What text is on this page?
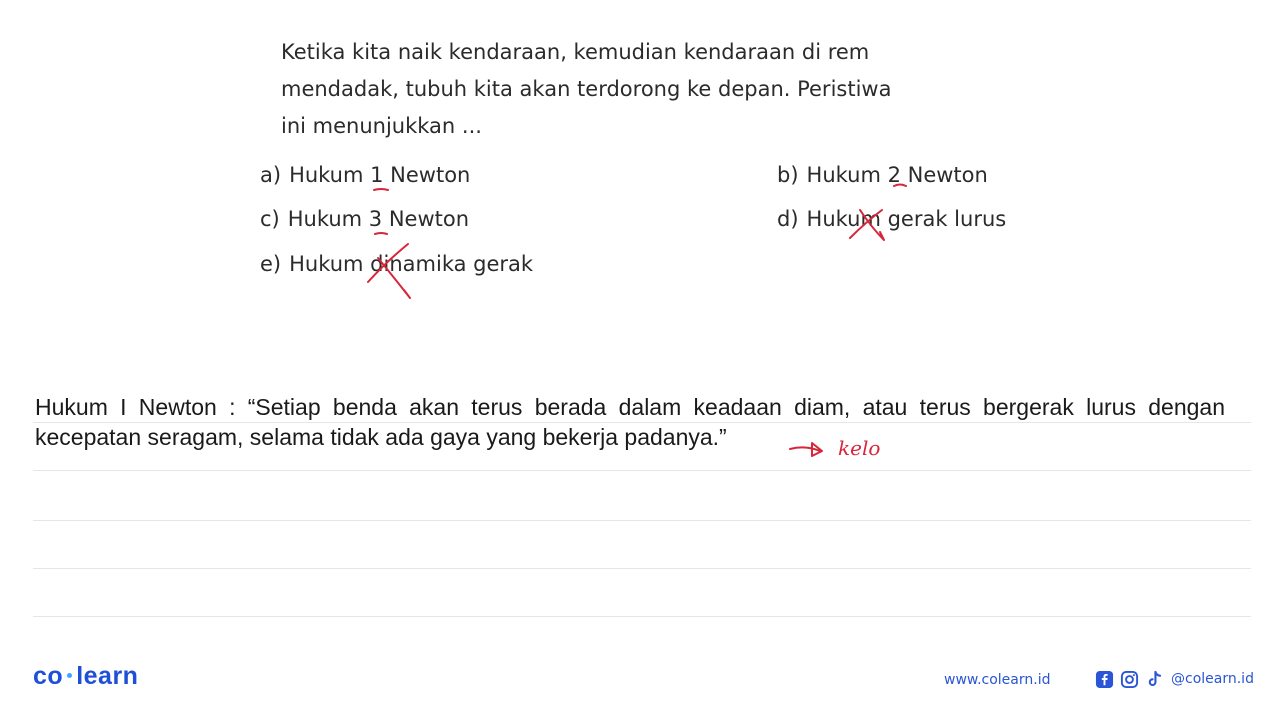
Ketika kita naik kendaraan, kemudian kendaraan di rem mendadak, tubuh kita akan terdorong ke depan. Peristiwa ini menunjukkan ...
a) Hukum 1 Newton	b) Hukum 2 Newton
c) Hukum 3 Newton	d) Hukum gerak lurus
e) Hukum dinamika gerak
Hukum I Newton : “Setiap benda akan terus berada dalam keadaan diam, atau terus bergerak lurus dengan kecepatan seragam, selama tidak ada gaya yang bekerja padanya.”	kelo
co learn	www.colearn.id	@colearn.id
